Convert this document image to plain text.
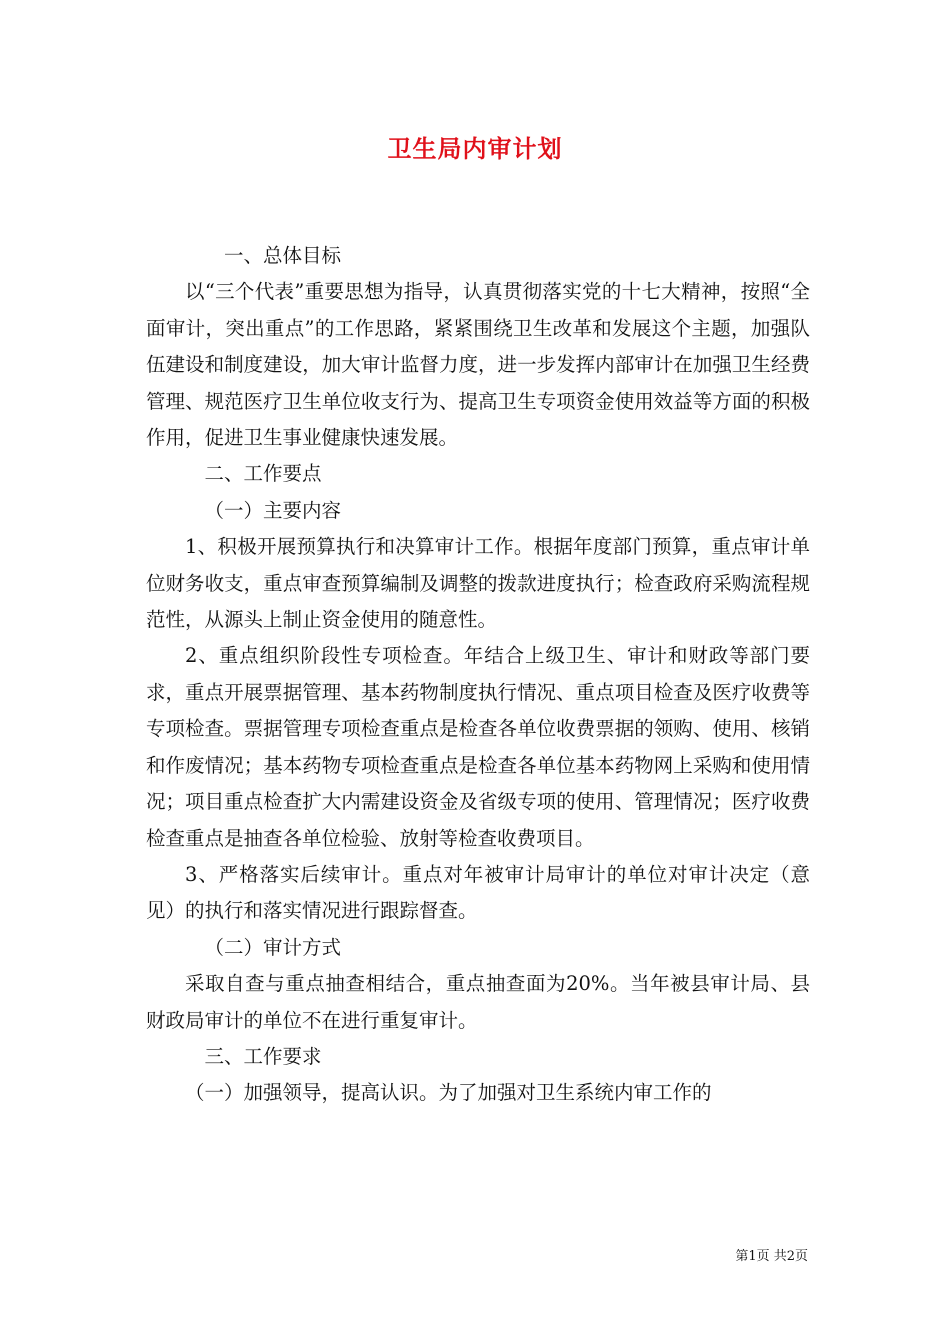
卫生局内审计划

一、总体目标

以“三个代表”重要思想为指导，认真贯彻落实党的十七大精神，按照“全面审计，突出重点”的工作思路，紧紧围绕卫生改革和发展这个主题，加强队伍建设和制度建设，加大审计监督力度，进一步发挥内部审计在加强卫生经费管理、规范医疗卫生单位收支行为、提高卫生专项资金使用效益等方面的积极作用，促进卫生事业健康快速发展。

二、工作要点

（一）主要内容

1、积极开展预算执行和决算审计工作。根据年度部门预算，重点审计单位财务收支，重点审查预算编制及调整的拨款进度执行；检查政府采购流程规范性，从源头上制止资金使用的随意性。

2、重点组织阶段性专项检查。年结合上级卫生、审计和财政等部门要求，重点开展票据管理、基本药物制度执行情况、重点项目检查及医疗收费等专项检查。票据管理专项检查重点是检查各单位收费票据的领购、使用、核销和作废情况；基本药物专项检查重点是检查各单位基本药物网上采购和使用情况；项目重点检查扩大内需建设资金及省级专项的使用、管理情况；医疗收费检查重点是抽查各单位检验、放射等检查收费项目。

3、严格落实后续审计。重点对年被审计局审计的单位对审计决定（意见）的执行和落实情况进行跟踪督查。

（二）审计方式

采取自查与重点抽查相结合，重点抽查面为20%。当年被县审计局、县财政局审计的单位不在进行重复审计。

三、工作要求

（一）加强领导，提高认识。为了加强对卫生系统内审工作的

第1页 共2页
